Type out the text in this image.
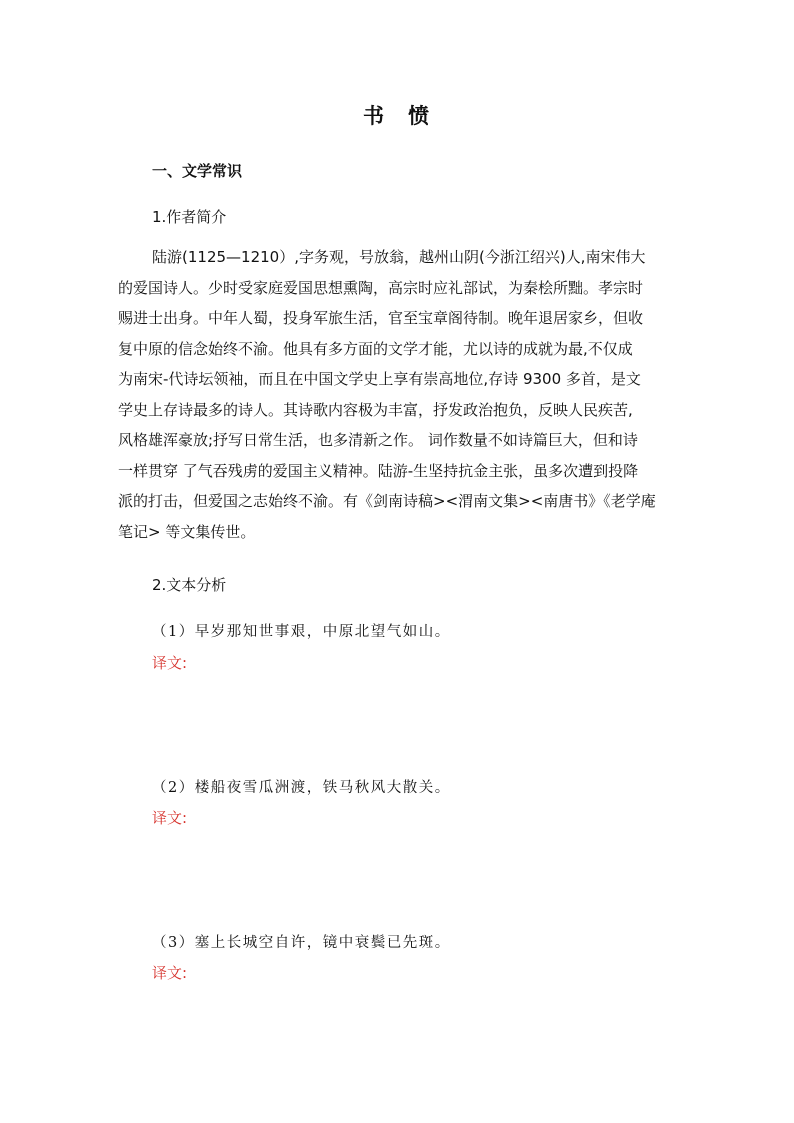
书 愤
一、文学常识
1.作者简介
陆游(1125—1210）,字务观，号放翁，越州山阴(今浙江绍兴)人,南宋伟大
的爱国诗人。少时受家庭爱国思想熏陶，高宗时应礼部试，为秦桧所黜。孝宗时
赐进士出身。中年人蜀，投身军旅生活，官至宝章阁待制。晚年退居家乡，但收
复中原的信念始终不渝。他具有多方面的文学才能，尤以诗的成就为最,不仅成
为南宋-代诗坛领袖，而且在中国文学史上享有崇高地位,存诗 9300 多首，是文
学史上存诗最多的诗人。其诗歌内容极为丰富，抒发政治抱负，反映人民疾苦,
风格雄浑豪放;抒写日常生活，也多清新之作。 词作数量不如诗篇巨大，但和诗
一样贯穿 了气吞残虏的爱国主义精神。陆游-生坚持抗金主张，虽多次遭到投降
派的打击，但爱国之志始终不渝。有《剑南诗稿><渭南文集><南唐书》《老学庵
笔记> 等文集传世。
2.文本分析
（1）早岁那知世事艰，中原北望气如山。
译文:
（2）楼船夜雪瓜洲渡，铁马秋风大散关。
译文:
（3）塞上长城空自许，镜中衰鬓已先斑。
译文:
